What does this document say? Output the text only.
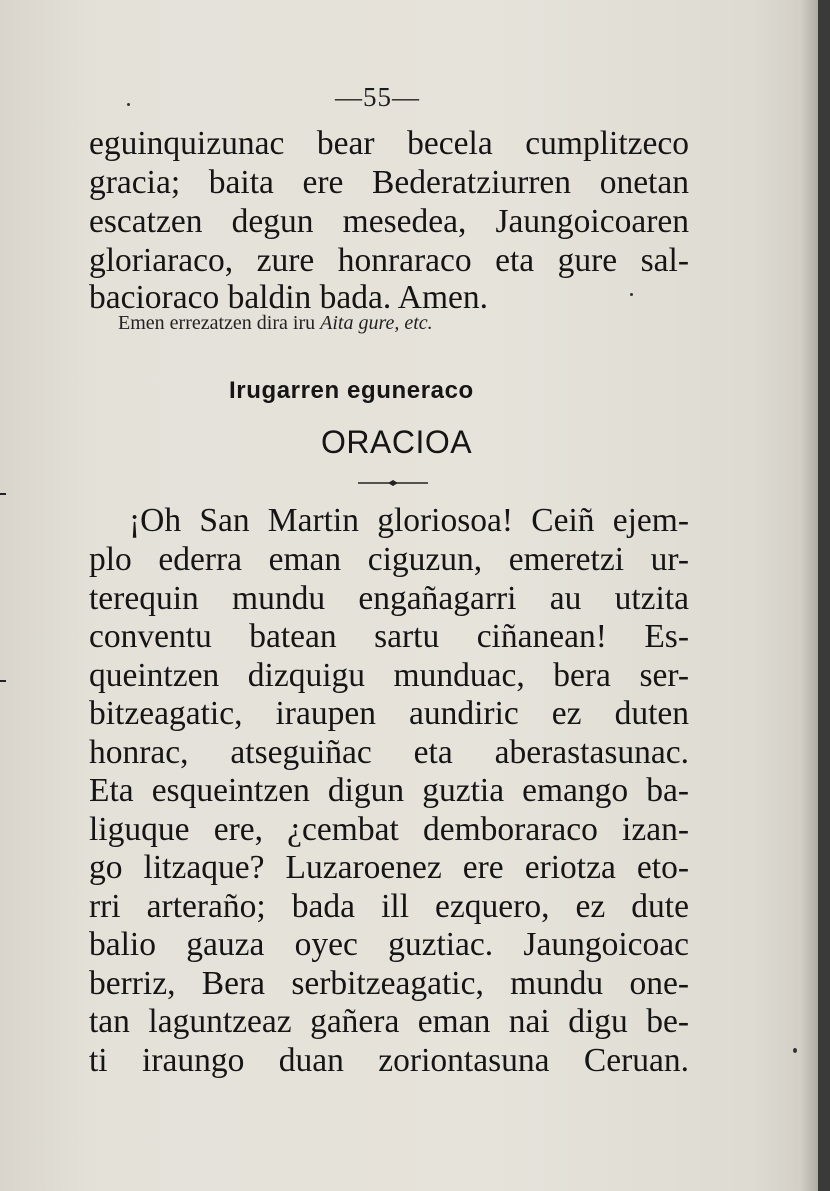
—55—
eguinquizunac bear becela cumplitzeco
gracia; baita ere Bederatziurren onetan
escatzen degun mesedea, Jaungoicoaren
gloriaraco, zure honraraco eta gure sal-
bacioraco baldin bada. Amen.
Emen errezatzen dira iru Aita gure, etc.
Irugarren eguneraco
ORACIOA
¡Oh San Martin gloriosoa! Ceiñ ejem-
plo ederra eman ciguzun, emeretzi ur-
terequin mundu engañagarri au utzita
conventu batean sartu ciñanean! Es-
queintzen dizquigu munduac, bera ser-
bitzeagatic, iraupen aundiric ez duten
honrac, atseguiñac eta aberastasunac.
Eta esqueintzen digun guztia emango ba-
liguque ere, ¿cembat demboraraco izan-
go litzaque? Luzaroenez ere eriotza eto-
rri arteraño; bada ill ezquero, ez dute
balio gauza oyec guztiac. Jaungoicoac
berriz, Bera serbitzeagatic, mundu one-
tan laguntzeaz gañera eman nai digu be-
ti iraungo duan zoriontasuna Ceruan.
